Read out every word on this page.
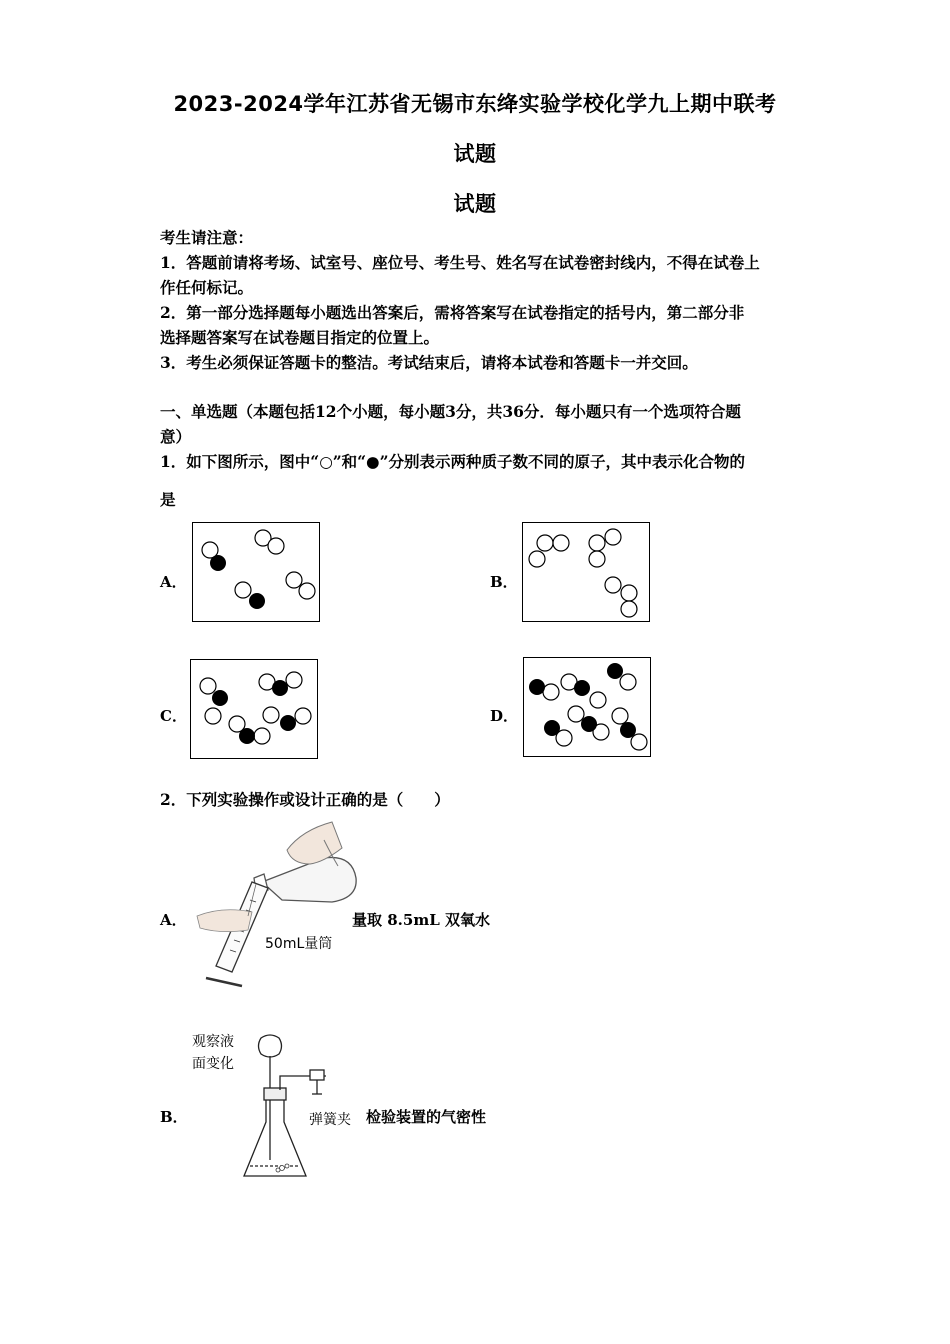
2023-2024学年江苏省无锡市东绛实验学校化学九上期中联考
试题
试题
考生请注意：
1．答题前请将考场、试室号、座位号、考生号、姓名写在试卷密封线内，不得在试卷上
作任何标记。
2．第一部分选择题每小题选出答案后，需将答案写在试卷指定的括号内，第二部分非
选择题答案写在试卷题目指定的位置上。
3．考生必须保证答题卡的整洁。考试结束后，请将本试卷和答题卡一并交回。
一、单选题（本题包括12个小题，每小题3分，共36分．每小题只有一个选项符合题
意）
1．如下图所示，图中“○”和“●”分别表示两种质子数不同的原子，其中表示化合物的
是
A．	B．
C．	D．
2．下列实验操作或设计正确的是（　　）
A．
50mL量筒
量取 8.5mL 双氧水
B．
观察液
面变化
弹簧夹 检验装置的气密性
